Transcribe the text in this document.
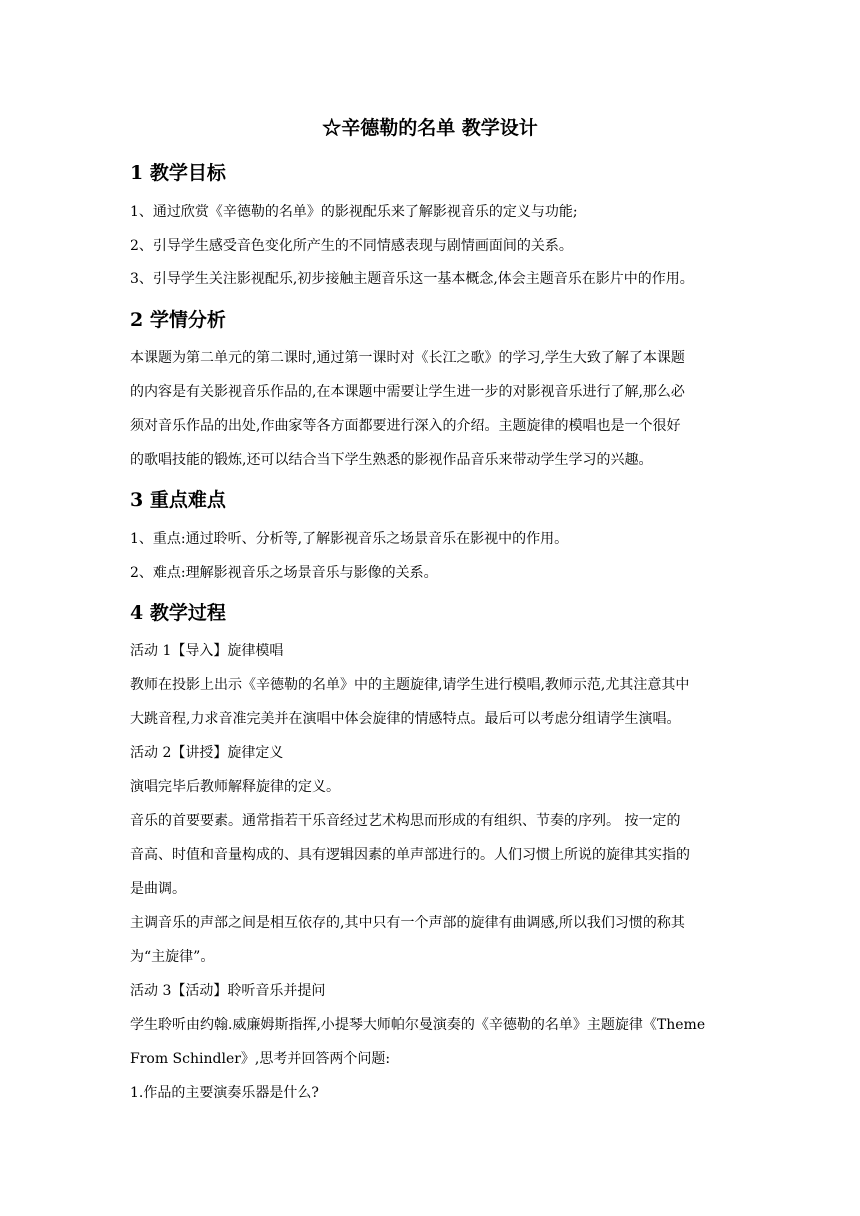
☆辛德勒的名单 教学设计
1 教学目标
1、通过欣赏《辛德勒的名单》的影视配乐来了解影视音乐的定义与功能;
2、引导学生感受音色变化所产生的不同情感表现与剧情画面间的关系。
3、引导学生关注影视配乐,初步接触主题音乐这一基本概念,体会主题音乐在影片中的作用。
2 学情分析
本课题为第二单元的第二课时,通过第一课时对《长江之歌》的学习,学生大致了解了本课题
的内容是有关影视音乐作品的,在本课题中需要让学生进一步的对影视音乐进行了解,那么必
须对音乐作品的出处,作曲家等各方面都要进行深入的介绍。主题旋律的模唱也是一个很好
的歌唱技能的锻炼,还可以结合当下学生熟悉的影视作品音乐来带动学生学习的兴趣。
3 重点难点
1、重点:通过聆听、分析等,了解影视音乐之场景音乐在影视中的作用。
2、难点:理解影视音乐之场景音乐与影像的关系。
4 教学过程
活动 1【导入】旋律模唱
教师在投影上出示《辛德勒的名单》中的主题旋律,请学生进行模唱,教师示范,尤其注意其中
大跳音程,力求音准完美并在演唱中体会旋律的情感特点。最后可以考虑分组请学生演唱。
活动 2【讲授】旋律定义
演唱完毕后教师解释旋律的定义。
音乐的首要要素。通常指若干乐音经过艺术构思而形成的有组织、节奏的序列。 按一定的
音高、时值和音量构成的、具有逻辑因素的单声部进行的。人们习惯上所说的旋律其实指的
是曲调。
主调音乐的声部之间是相互依存的,其中只有一个声部的旋律有曲调感,所以我们习惯的称其
为“主旋律”。
活动 3【活动】聆听音乐并提问
学生聆听由约翰.威廉姆斯指挥,小提琴大师帕尔曼演奏的《辛德勒的名单》主题旋律《Theme
From Schindler》,思考并回答两个问题:
1.作品的主要演奏乐器是什么?
